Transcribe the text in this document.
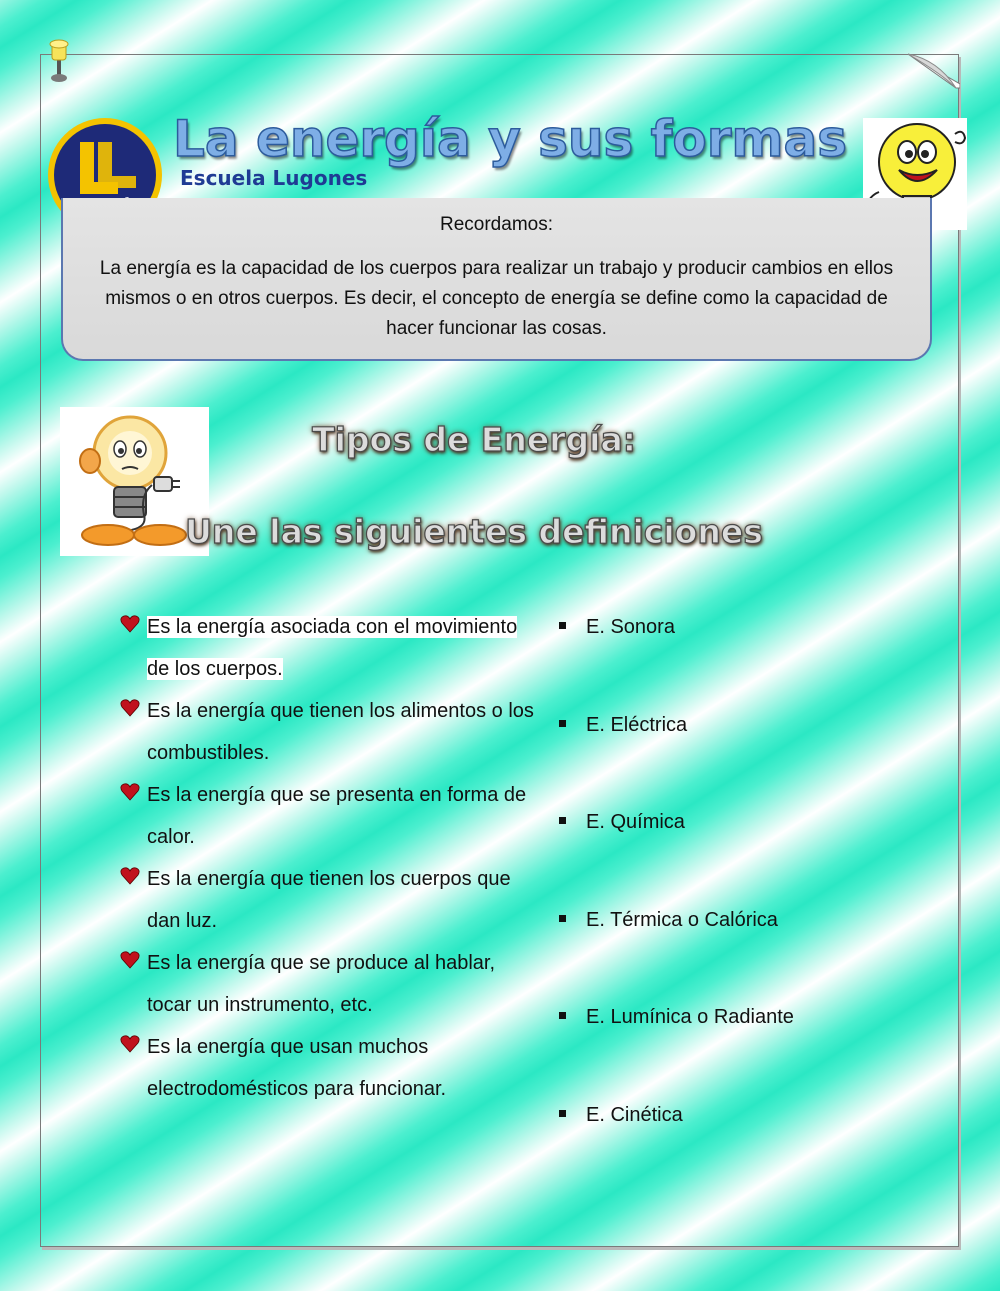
La energía y sus formas
Escuela Lugones
Recordamos:
La energía es la capacidad de los cuerpos para realizar un trabajo y producir cambios en ellos mismos o en otros cuerpos. Es decir, el concepto de energía se define como la capacidad de hacer funcionar las cosas.
Tipos de Energía:
Une las siguientes definiciones
Es la energía asociada con el movimiento de los cuerpos.
Es la energía que tienen los alimentos o los combustibles.
Es la energía que se presenta en forma de calor.
Es la energía que tienen los cuerpos que dan luz.
Es la energía que se produce al hablar, tocar un instrumento, etc.
Es la energía que usan muchos electrodomésticos para funcionar.
E. Sonora
E. Eléctrica
E. Química
E. Térmica o Calórica
E. Lumínica o Radiante
E. Cinética
